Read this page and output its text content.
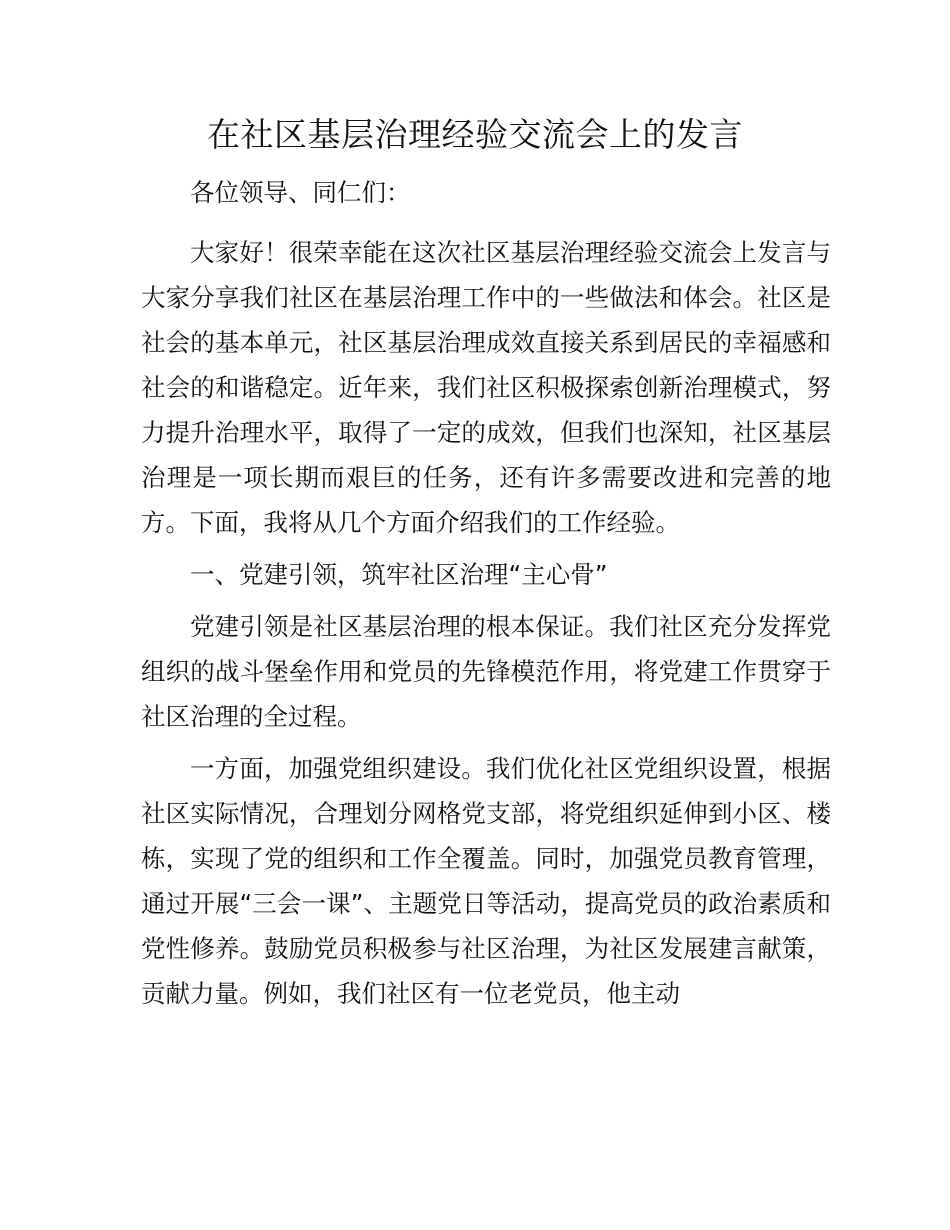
在社区基层治理经验交流会上的发言

各位领导、同仁们：

大家好！很荣幸能在这次社区基层治理经验交流会上发言与大家分享我们社区在基层治理工作中的一些做法和体会。社区是社会的基本单元，社区基层治理成效直接关系到居民的幸福感和社会的和谐稳定。近年来，我们社区积极探索创新治理模式，努力提升治理水平，取得了一定的成效，但我们也深知，社区基层治理是一项长期而艰巨的任务，还有许多需要改进和完善的地方。下面，我将从几个方面介绍我们的工作经验。

一、党建引领，筑牢社区治理“主心骨”

党建引领是社区基层治理的根本保证。我们社区充分发挥党组织的战斗堡垒作用和党员的先锋模范作用，将党建工作贯穿于社区治理的全过程。

一方面，加强党组织建设。我们优化社区党组织设置，根据社区实际情况，合理划分网格党支部，将党组织延伸到小区、楼栋，实现了党的组织和工作全覆盖。同时，加强党员教育管理，通过开展“三会一课”、主题党日等活动，提高党员的政治素质和党性修养。鼓励党员积极参与社区治理，为社区发展建言献策，贡献力量。例如，我们社区有一位老党员，他主动
